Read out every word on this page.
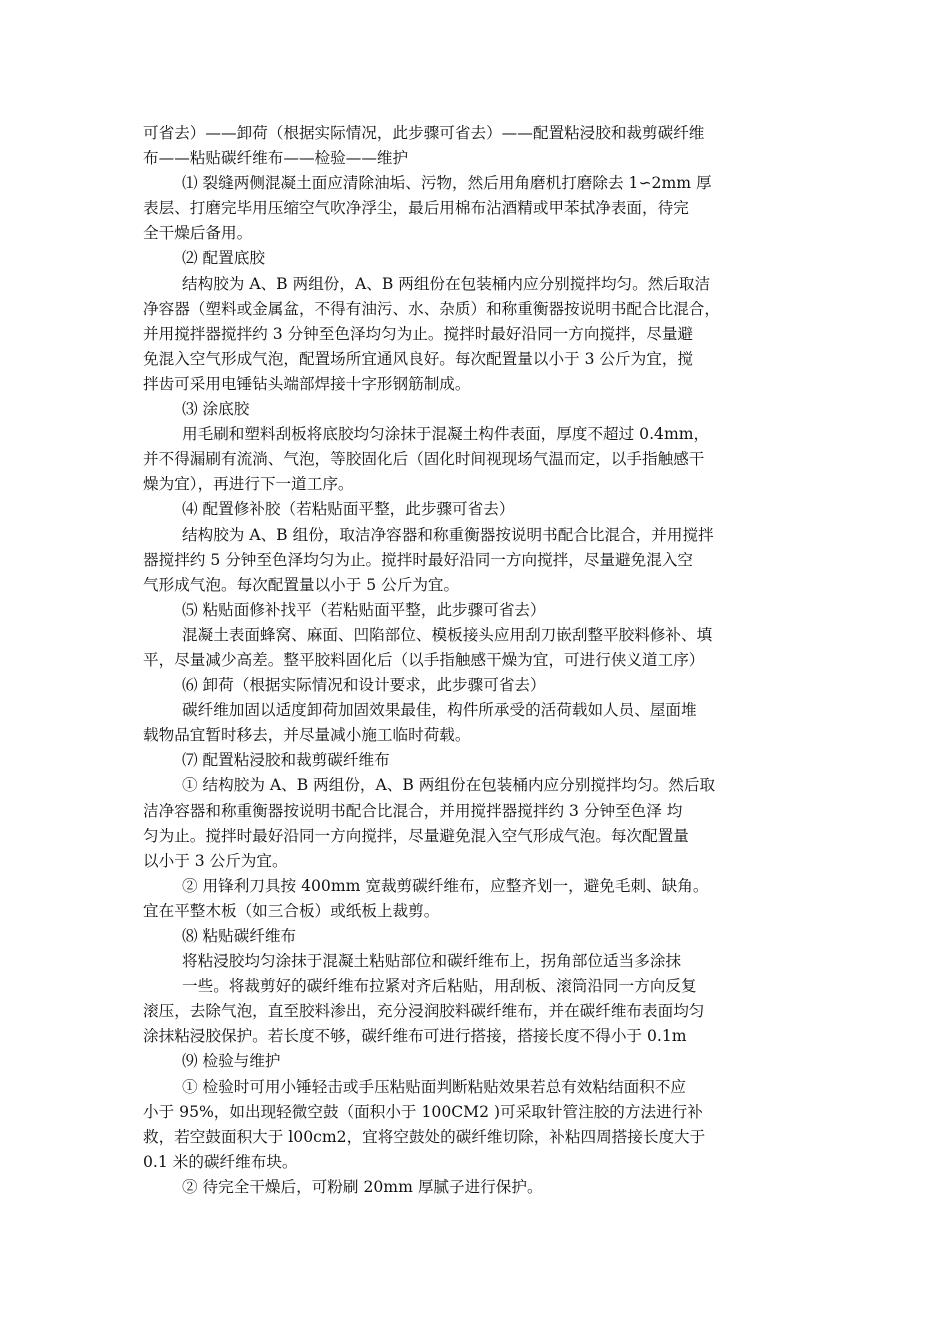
可省去）——卸荷（根据实际情况，此步骤可省去）——配置粘浸胶和裁剪碳纤维
布——粘贴碳纤维布——检验——维护
⑴ 裂缝两侧混凝土面应清除油垢、污物，然后用角磨机打磨除去 1∽2mm 厚
表层、打磨完毕用压缩空气吹净浮尘，最后用棉布沾酒精或甲苯拭净表面，待完
全干燥后备用。
⑵ 配置底胶
结构胶为 A、B 两组份，A、B 两组份在包装桶内应分别搅拌均匀。然后取洁
净容器（塑料或金属盆，不得有油污、水、杂质）和称重衡器按说明书配合比混合，
并用搅拌器搅拌约 3 分钟至色泽均匀为止。搅拌时最好沿同一方向搅拌，尽量避
免混入空气形成气泡，配置场所宜通风良好。每次配置量以小于 3 公斤为宜，搅
拌齿可采用电锤钻头端部焊接十字形钢筋制成。
⑶ 涂底胶
用毛刷和塑料刮板将底胶均匀涂抹于混凝土构件表面，厚度不超过 0.4mm，
并不得漏刷有流淌、气泡，等胶固化后（固化时间视现场气温而定，以手指触感干
燥为宜），再进行下一道工序。
⑷ 配置修补胶（若粘贴面平整，此步骤可省去）
结构胶为 A、B 组份，取洁净容器和称重衡器按说明书配合比混合，并用搅拌
器搅拌约 5 分钟至色泽均匀为止。搅拌时最好沿同一方向搅拌，尽量避免混入空
气形成气泡。每次配置量以小于 5 公斤为宜。
⑸ 粘贴面修补找平（若粘贴面平整，此步骤可省去）
混凝土表面蜂窝、麻面、凹陷部位、模板接头应用刮刀嵌刮整平胶料修补、填
平，尽量减少高差。整平胶料固化后（以手指触感干燥为宜，可进行侠义道工序）
⑹ 卸荷（根据实际情况和设计要求，此步骤可省去）
碳纤维加固以适度卸荷加固效果最佳，构件所承受的活荷载如人员、屋面堆
载物品宜暂时移去，并尽量减小施工临时荷载。
⑺ 配置粘浸胶和裁剪碳纤维布
① 结构胶为 A、B 两组份，A、B 两组份在包装桶内应分别搅拌均匀。然后取
洁净容器和称重衡器按说明书配合比混合，并用搅拌器搅拌约 3 分钟至色泽 均
匀为止。搅拌时最好沿同一方向搅拌，尽量避免混入空气形成气泡。每次配置量
以小于 3 公斤为宜。
② 用锋利刀具按 400mm 宽裁剪碳纤维布，应整齐划一，避免毛刺、缺角。
宜在平整木板（如三合板）或纸板上裁剪。
⑻ 粘贴碳纤维布
将粘浸胶均匀涂抹于混凝土粘贴部位和碳纤维布上，拐角部位适当多涂抹
一些。将裁剪好的碳纤维布拉紧对齐后粘贴，用刮板、滚筒沿同一方向反复
滚压，去除气泡，直至胶料渗出，充分浸润胶料碳纤维布，并在碳纤维布表面均匀
涂抹粘浸胶保护。若长度不够，碳纤维布可进行搭接，搭接长度不得小于 0.1m
⑼ 检验与维护
① 检验时可用小锤轻击或手压粘贴面判断粘贴效果若总有效粘结面积不应
小于 95%，如出现轻微空鼓（面积小于 100CM2 )可采取针管注胶的方法进行补
救，若空鼓面积大于 l00cm2，宜将空鼓处的碳纤维切除，补粘四周搭接长度大于
0.1 米的碳纤维布块。
② 待完全干燥后，可粉刷 20mm 厚腻子进行保护。
